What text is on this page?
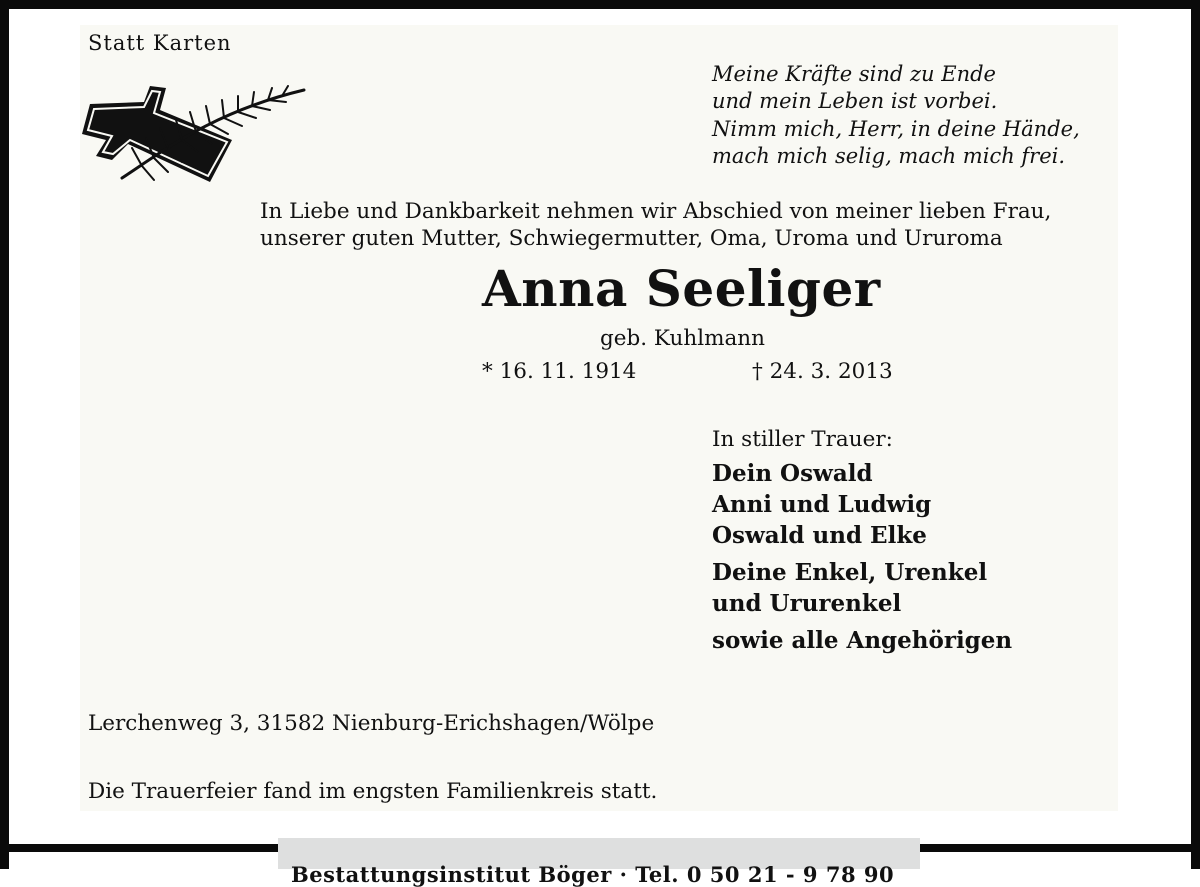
Statt Karten

Meine Kräfte sind zu Ende

und mein Leben ist vorbei.

Nimm mich, Herr, in deine Hände,

mach mich selig, mach mich frei.

In Liebe und Dankbarkeit nehmen wir Abschied von meiner lieben Frau,

unserer guten Mutter, Schwiegermutter, Oma, Uroma und Ururoma

Anna Seeliger

geb. Kuhlmann

* 16. 11. 1914	† 24. 3. 2013

In stiller Trauer:

Dein Oswald

Anni und Ludwig

Oswald und Elke

Deine Enkel, Urenkel

und Ururenkel

sowie alle Angehörigen

Lerchenweg 3, 31582 Nienburg-Erichshagen/Wölpe

Die Trauerfeier fand im engsten Familienkreis statt.

Bestattungsinstitut Böger · Tel. 0 50 21 - 9 78 90
